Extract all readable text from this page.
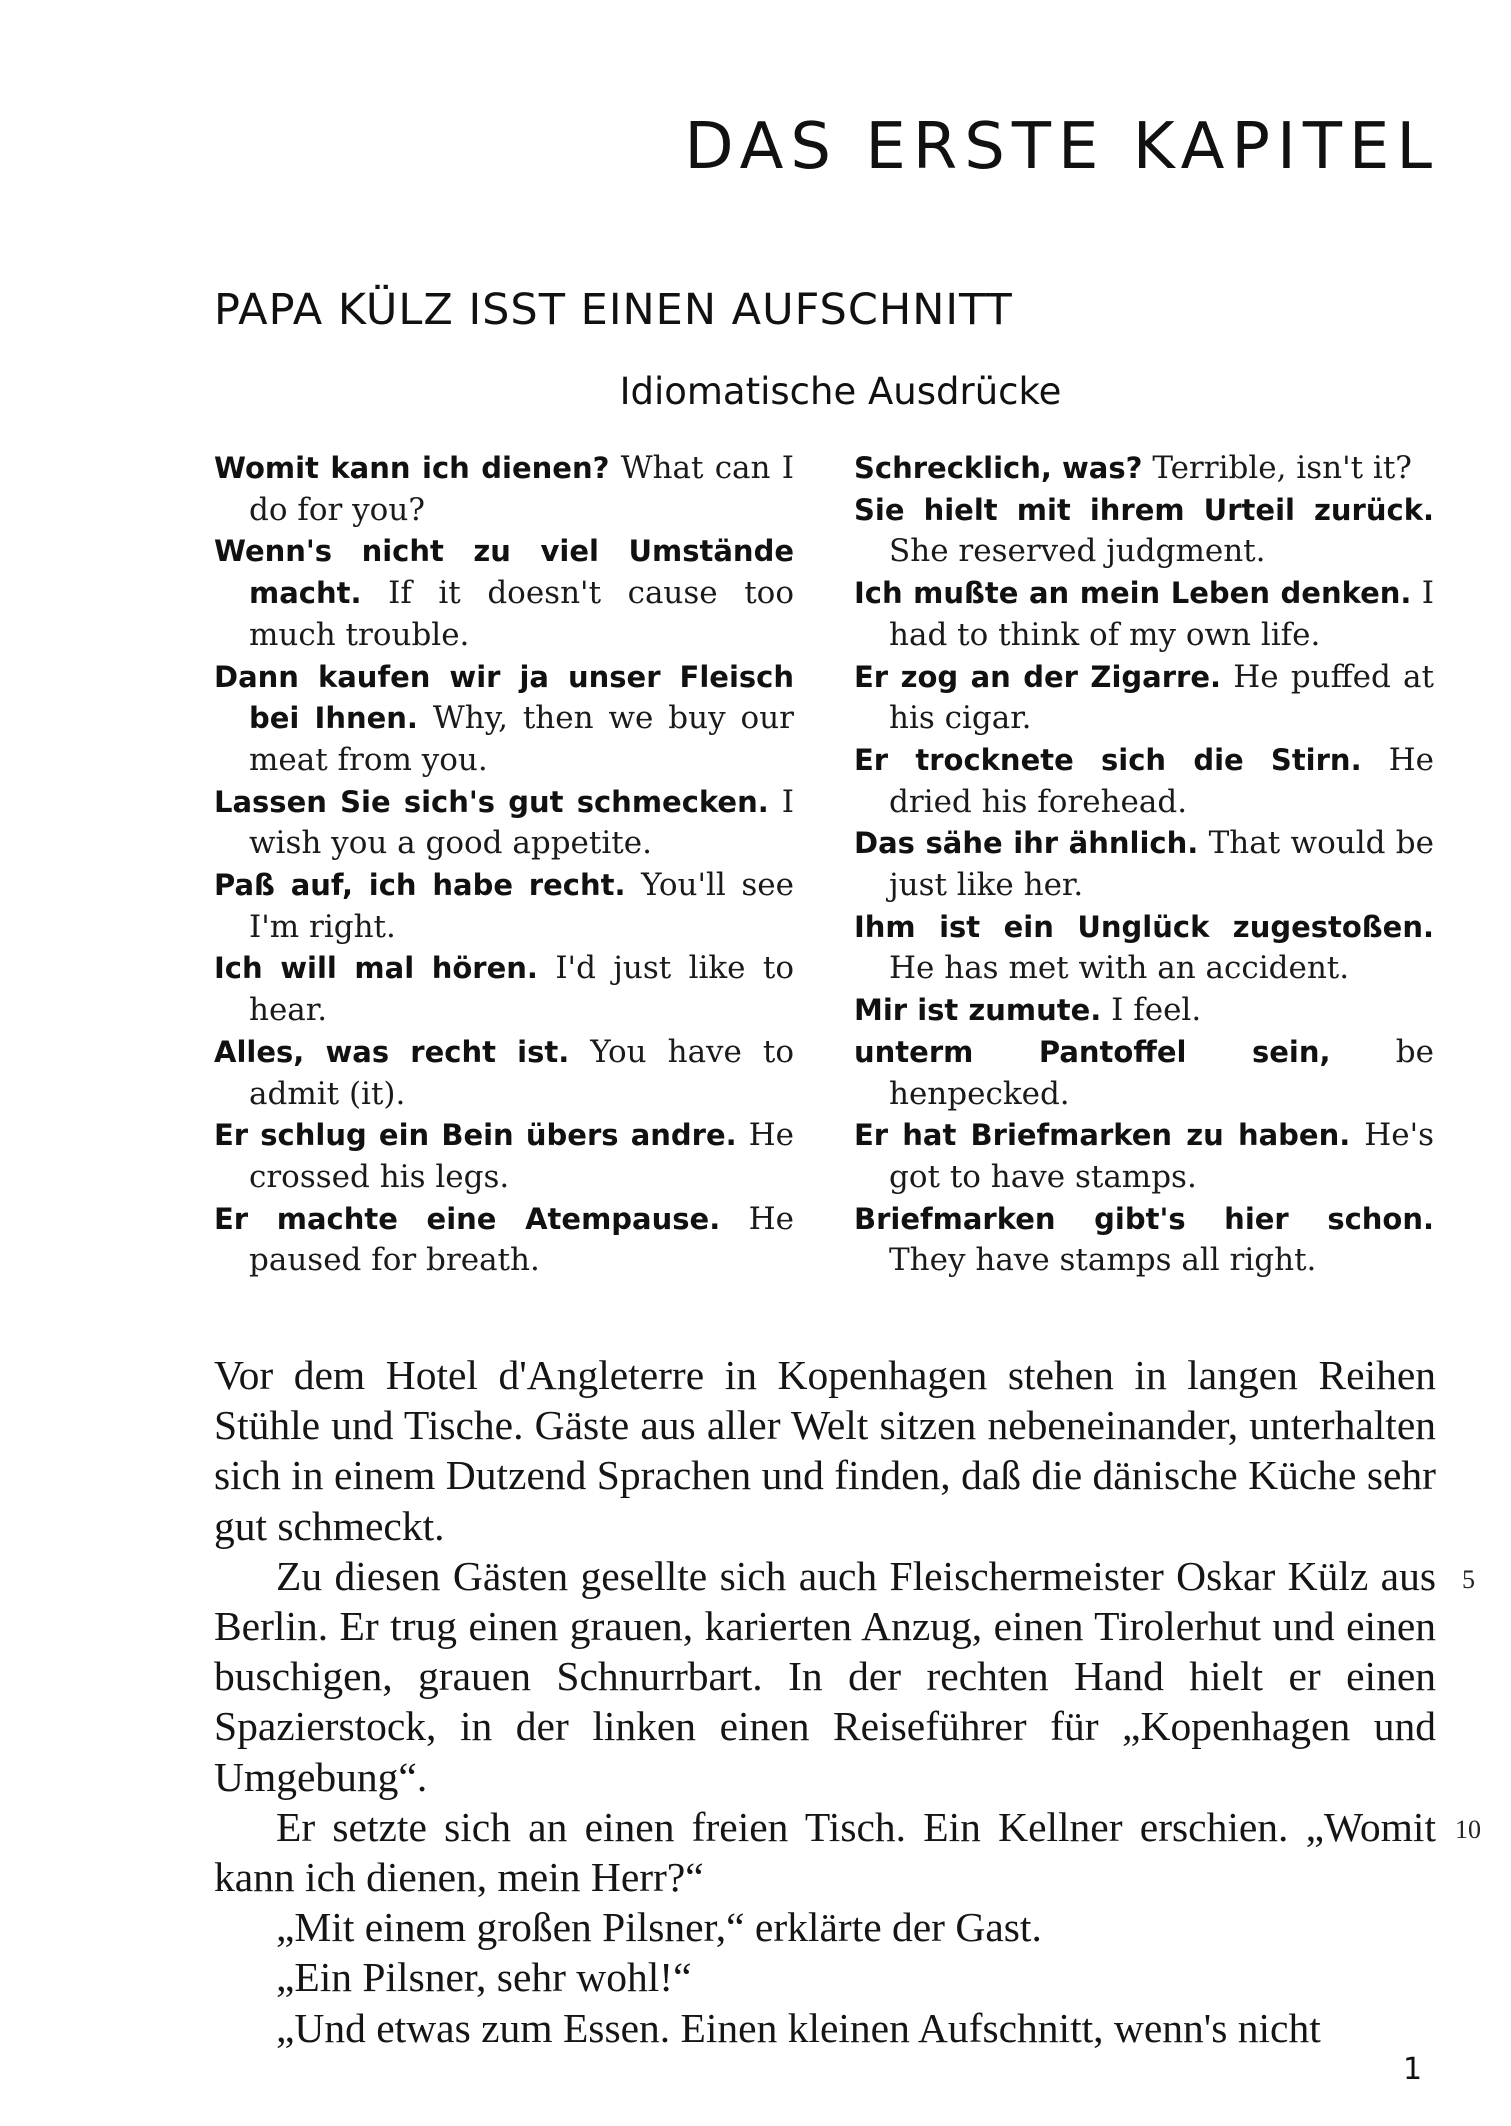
DAS ERSTE KAPITEL
PAPA KÜLZ ISST EINEN AUFSCHNITT
Idiomatische Ausdrücke
Womit kann ich dienen? What can I do for you?
Wenn's nicht zu viel Umstände macht. If it doesn't cause too much trouble.
Dann kaufen wir ja unser Fleisch bei Ihnen. Why, then we buy our meat from you.
Lassen Sie sich's gut schmecken. I wish you a good appetite.
Paß auf, ich habe recht. You'll see I'm right.
Ich will mal hören. I'd just like to hear.
Alles, was recht ist. You have to admit (it).
Er schlug ein Bein übers andre. He crossed his legs.
Er machte eine Atempause. He paused for breath.
Schrecklich, was? Terrible, isn't it?
Sie hielt mit ihrem Urteil zurück. She reserved judgment.
Ich mußte an mein Leben denken. I had to think of my own life.
Er zog an der Zigarre. He puffed at his cigar.
Er trocknete sich die Stirn. He dried his forehead.
Das sähe ihr ähnlich. That would be just like her.
Ihm ist ein Unglück zugestoßen. He has met with an accident.
Mir ist zumute. I feel.
unterm Pantoffel sein, be henpecked.
Er hat Briefmarken zu haben. He's got to have stamps.
Briefmarken gibt's hier schon. They have stamps all right.

Vor dem Hotel d'Angleterre in Kopenhagen stehen in langen Reihen Stühle und Tische. Gäste aus aller Welt sitzen nebeneinander, unterhalten sich in einem Dutzend Sprachen und finden, daß die dänische Küche sehr gut schmeckt.

Zu diesen Gästen gesellte sich auch Fleischermeister Oskar Külz aus Berlin. Er trug einen grauen, karierten Anzug, einen Tirolerhut und einen buschigen, grauen Schnurrbart. In der rechten Hand hielt er einen Spazierstock, in der linken einen Reiseführer für „Kopenhagen und Umgebung“.

Er setzte sich an einen freien Tisch. Ein Kellner erschien. „Womit kann ich dienen, mein Herr?“

„Mit einem großen Pilsner,“ erklärte der Gast.

„Ein Pilsner, sehr wohl!“

„Und etwas zum Essen. Einen kleinen Aufschnitt, wenn's nicht

5
10
1
